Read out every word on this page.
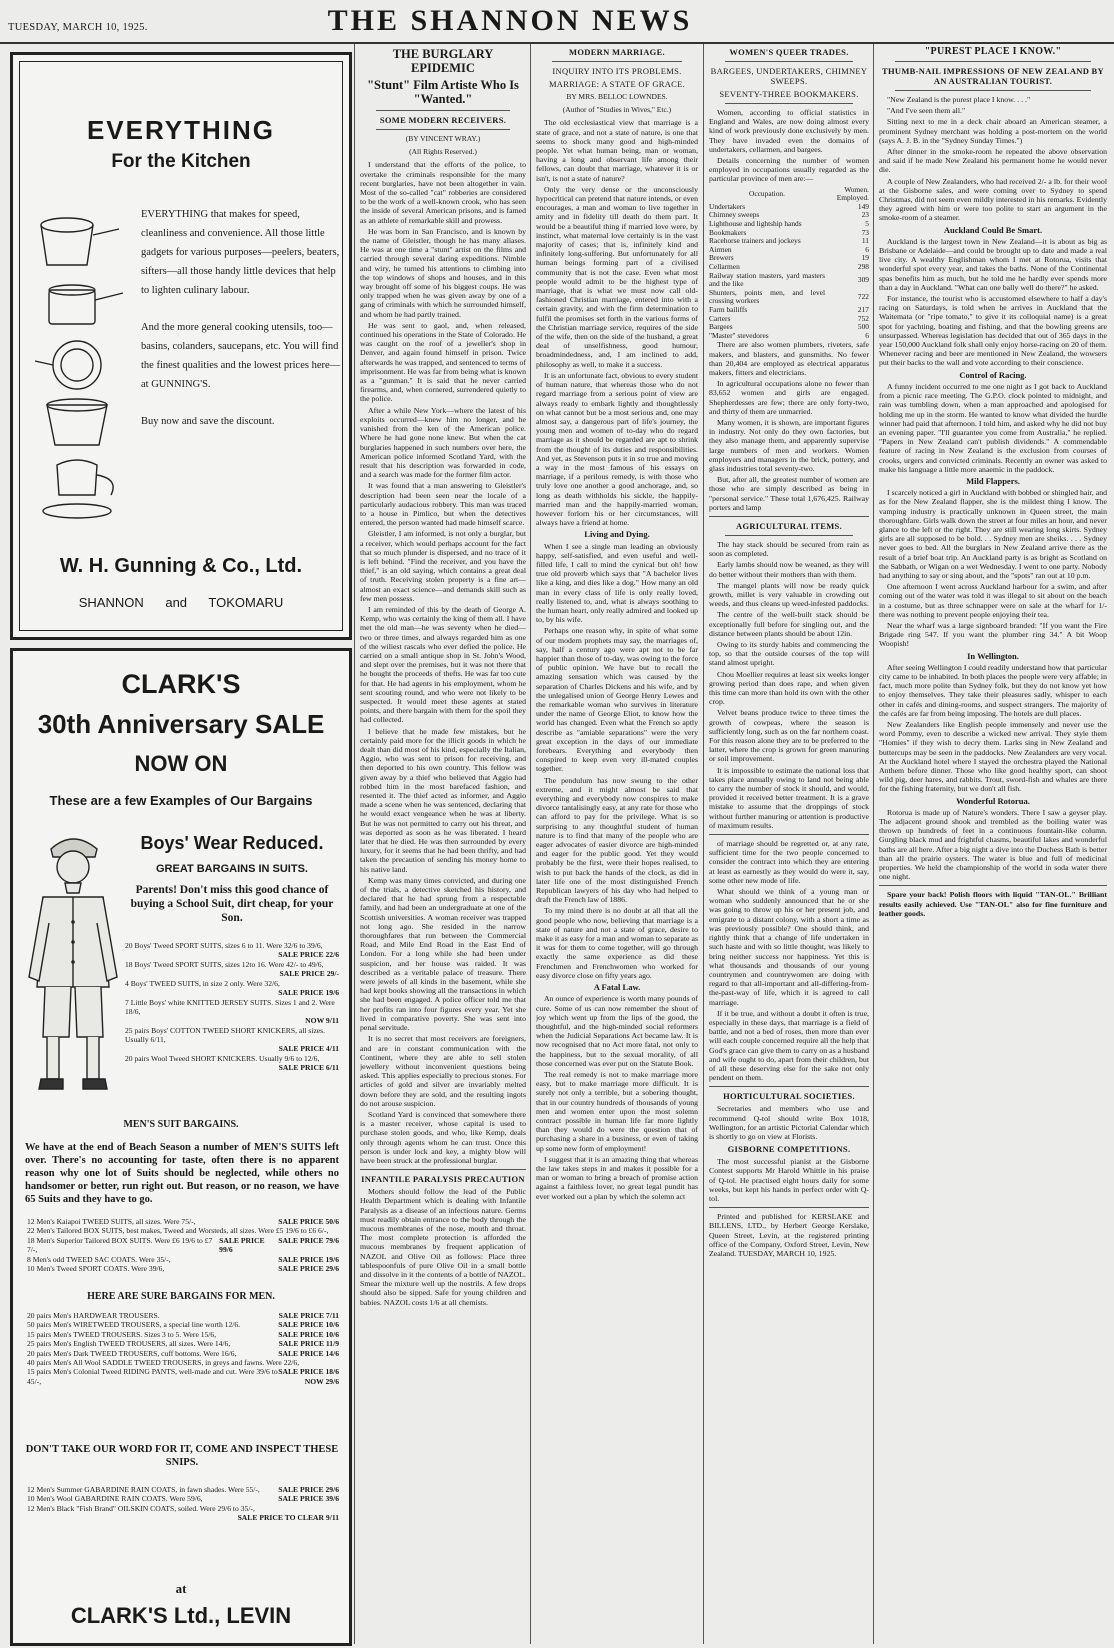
TUESDAY, MARCH 10, 1925.	THE SHANNON NEWS
EVERYTHING
For the Kitchen

EVERYTHING that makes for speed, cleanliness and convenience. All those little gadgets for various purposes—peelers, beaters, sifters—all those handy little devices that help to lighten culinary labour.

And the more general cooking utensils, too—basins, colanders, saucepans, etc. You will find the finest qualities and the lowest prices here—at GUNNING'S.

Buy now and save the discount.

W. H. Gunning & Co., Ltd.
SHANNON and TOKOMARU
CLARK'S
30th Anniversary SALE
NOW ON
These are a few Examples of Our Bargains
Boys' Wear Reduced.
GREAT BARGAINS IN SUITS.
Parents! Don't miss this good chance of buying a School Suit, dirt cheap, for your Son.
20 Boys' Tweed SPORT SUITS, sizes 6 to 11. Were 32/6 to 39/6,
SALE PRICE 22/6
18 Boys' Tweed SPORT SUITS, sizes 12to 16. Were 42/- to 49/6,
SALE PRICE 29/-
4 Boys' TWEED SUITS, in size 2 only. Were 32/6,
SALE PRICE 19/6
7 Little Boys' white KNITTED JERSEY SUITS. Sizes 1 and 2. Were 18/6,
NOW 9/11
25 pairs Boys' COTTON TWEED SHORT KNICKERS, all sizes. Usually 6/11,
SALE PRICE 4/11
20 pairs Wool Tweed SHORT KNICKERS. Usually 9/6 to 12/6,
SALE PRICE 6/11
MEN'S SUIT BARGAINS.
We have at the end of Beach Season a number of MEN'S SUITS left over. There's no accounting for taste, often there is no apparent reason why one lot of Suits should be neglected, while others no handsomer or better, run right out. But reason, or no reason, we have 65 Suits and they have to go.
12 Men's Kaiapoi TWEED SUITS, all sizes. Were 75/-,	SALE PRICE 50/6
22 Men's Tailored BOX SUITS, best makes, Tweed and Worsteds, all sizes. Were £5 19/6 to £6 6/-,
SALE PRICE 79/6
18 Men's Superior Tailored BOX SUITS. Were £6 19/6 to £7 7/-,
SALE PRICE 99/6
8 Men's odd TWEED SAC COATS. Were 35/-,	SALE PRICE 19/6
10 Men's Tweed SPORT COATS. Were 39/6,	SALE PRICE 29/6
HERE ARE SURE BARGAINS FOR MEN.
20 pairs Men's HARDWEAR TROUSERS.	SALE PRICE 7/11
50 pairs Men's WIRETWEED TROUSERS, a special line worth 12/6.	SALE PRICE 10/6
15 pairs Men's TWEED TROUSERS. Sizes 3 to 5. Were 15/6,	SALE PRICE 10/6
25 pairs Men's English TWEED TROUSERS, all sizes. Were 14/6,	SALE PRICE 11/9
20 pairs Men's Dark TWEED TROUSERS, cuff bottoms. Were 16/6,	SALE PRICE 14/6
40 pairs Men's All Wool SADDLE TWEED TROUSERS, in greys and fawns. Were 22/6,
SALE PRICE 18/6
15 pairs Men's Colonial Tweed RIDING PANTS, well-made and cut. Were 39/6 to 45/-,	NOW 29/6
DON'T TAKE OUR WORD FOR IT, COME AND INSPECT THESE SNIPS.
12 Men's Summer GABARDINE RAIN COATS, in fawn shades. Were 55/-, SALE PRICE 29/6
10 Men's Wool GABARDINE RAIN COATS. Were 59/6,	SALE PRICE 39/6
12 Men's Black "Fish Brand" OILSKIN COATS, soiled. Were 29/6 to 35/-,
SALE PRICE TO CLEAR 9/11
at
CLARK'S Ltd., LEVIN
THE BURGLARY EPIDEMIC
"Stunt" Film Artiste Who Is "Wanted."
SOME MODERN RECEIVERS.
(BY VINCENT WRAY.)
(All Rights Reserved.)

I understand that the efforts of the police, to overtake the criminals responsible for the many recent burglaries, have not been altogether in vain. Most of the so-called "cat" robberies are considered to be the work of a well-known crook, who has seen the inside of several American prisons, and is famed as an athlete of remarkable skill and prowess.

He was born in San Francisco, and is known by the name of Gleistler, though he has many aliases. He was at one time a "stunt" artist on the films and carried through several daring expeditions. Nimble and wiry, he turned his attentions to climbing into the top windows of shops and houses, and in this way brought off some of his biggest coups. He was only trapped when he was given away by one of a gang of criminals with which he surrounded himself, and whom he had partly trained.

He was sent to gaol, and, when released, continued his operations in the State of Colorado. He was caught on the roof of a jeweller's shop in Denver, and again found himself in prison. Twice afterwards he was trapped, and sentenced to terms of imprisonment. He was far from being what is known as a "gunman." It is said that he never carried firearms, and, when cornered, surrendered quietly to the police.

After a while New York—where the latest of his exploits occurred—knew him no longer, and he vanished from the ken of the American police. Where he had gone none knew. But when the cat burglaries happened in such numbers over here, the American police informed Scotland Yard, with the result that his description was forwarded in code, and a search was made for the former film actor.

It was found that a man answering to Gleistler's description had been seen near the locale of a particularly audacious robbery. This man was traced to a house in Pimlico, but when the detectives entered, the person wanted had made himself scarce.

Gleistler, I am informed, is not only a burglar, but a receiver, which would perhaps account for the fact that so much plunder is dispersed, and no trace of it is left behind. "Find the receiver, and you have the thief," is an old saying, which contains a great deal of truth. Receiving stolen property is a fine art—almost an exact science—and demands skill such as few men possess.

I am reminded of this by the death of George A. Kemp, who was certainly the king of them all. I have met the old man—he was seventy when he died—two or three times, and always regarded him as one of the wiliest rascals who ever defied the police. He carried on a small antique shop in St. John's Wood, and slept over the premises, but it was not there that he bought the proceeds of thefts. He was far too cute for that. He had agents in his employment, whom he sent scouting round, and who were not likely to be suspected. It would meet these agents at stated points, and there bargain with them for the spoil they had collected.

I believe that he made few mistakes, but he certainly paid more for the illicit goods in which he dealt than did most of his kind, especially the Italian, Aggio, who was sent to prison for receiving, and then deported to his own country. This fellow was given away by a thief who believed that Aggio had robbed him in the most barefaced fashion, and resented it. The thief acted as informer, and Aggio made a scene when he was sentenced, declaring that he would exact vengeance when he was at liberty. But he was not permitted to carry out his threat, and was deported as soon as he was liberated. I heard later that he died. He was then surrounded by every luxury, for it seems that he had been thrifty, and had taken the precaution of sending his money home to his native land.

Kemp was many times convicted, and during one of the trials, a detective sketched his history, and declared that he had sprung from a respectable family, and had been an undergraduate at one of the Scottish universities. A woman receiver was trapped not long ago. She resided in the narrow thoroughfares that run between the Commercial Road, and Mile End Road in the East End of London. For a long while she had been under suspicion, and her house was raided. It was described as a veritable palace of treasure. There were jewels of all kinds in the basement, while she had kept books showing all the transactions in which she had been engaged. A police officer told me that her profits ran into four figures every year. Yet she lived in comparative poverty. She was sent into penal servitude.

It is no secret that most receivers are foreigners, and are in constant communication with the Continent, where they are able to sell stolen jewellery without inconvenient questions being asked. This applies especially to precious stones. For articles of gold and silver are invariably melted down before they are sold, and the resulting ingots do not arouse suspicion.

Scotland Yard is convinced that somewhere there is a master receiver, whose capital is used to purchase stolen goods, and who, like Kemp, deals only through agents whom he can trust. Once this person is under lock and key, a mighty blow will have been struck at the professional burglar.

INFANTILE PARALYSIS PRECAUTION

Mothers should follow the lead of the Public Health Department which is dealing with Infantile Paralysis as a disease of an infectious nature. Germs must readily obtain entrance to the body through the mucous membranes of the nose, mouth and throat. The most complete protection is afforded the mucous membranes by frequent application of NAZOL and Olive Oil as follows: Place three tablespoonfuls of pure Olive Oil in a small bottle and dissolve in it the contents of a bottle of NAZOL. Smear the mixture well up the nostrils. A few drops should also be sipped. Safe for young children and babies. NAZOL costs 1/6 at all chemists.

MODERN MARRIAGE.
INQUIRY INTO ITS PROBLEMS.
MARRIAGE: A STATE OF GRACE.
BY MRS. BELLOC LOWNDES.
(Author of "Studies in Wives," Etc.)

The old ecclesiastical view that marriage is a state of grace, and not a state of nature, is one that seems to shock many good and high-minded people. Yet what human being, man or woman, having a long and observant life among their fellows, can doubt that marriage, whatever it is or isn't, is not a state of nature?

Only the very dense or the unconsciously hypocritical can pretend that nature intends, or even encourages, a man and woman to live together in amity and in fidelity till death do them part. It would be a beautiful thing if married love were, by instinct, what maternal love certainly is in the vast majority of cases; that is, infinitely kind and infinitely long-suffering. But unfortunately for all human beings forming part of a civilised community that is not the case. Even what most people would admit to be the highest type of marriage, that is what we must now call old-fashioned Christian marriage, entered into with a certain gravity, and with the firm determination to fulfil the promises set forth in the various forms of the Christian marriage service, requires of the side of the wife, then on the side of the husband, a great deal of unselfishness, good humour, broadmindedness, and, I am inclined to add, philosophy as well, to make it a success.

It is an unfortunate fact, obvious to every student of human nature, that whereas those who do not regard marriage from a serious point of view are always ready to embark lightly and thoughtlessly on what cannot but be a most serious and, one may almost say, a dangerous part of life's journey, the young men and women of to-day who do regard marriage as it should be regarded are apt to shrink from the thought of its duties and responsibilities. And yet, as Stevenson puts it in so true and moving a way in the most famous of his essays on marriage, if a perilous remedy, is with those who truly love one another a good anchorage, and, so long as death withholds his sickle, the happily-married man and the happily-married woman, however forlorn his or her circumstances, will always have a friend at home.

Living and Dying.

When I see a single man leading an obviously happy, self-satisfied, and even useful and well-filled life, I call to mind the cynical but oh! how true old proverb which says that "A bachelor lives like a king, and dies like a dog." How many an old man in every class of life is only really loved, really listened to, and, what is always soothing to the human heart, only really admired and looked up to, by his wife.

Perhaps one reason why, in spite of what some of our modern prophets may say, the marriages of, say, half a century ago were apt not to be far happier than those of to-day, was owing to the force of public opinion. We have but to recall the amazing sensation which was caused by the separation of Charles Dickens and his wife, and by the unlegalised union of George Henry Lewes and the remarkable woman who survives in literature under the name of George Eliot, to know how the world has changed. Even what the French so aptly describe as "amiable separations" were the very great exception in the days of our immediate forebears. Everything and everybody then conspired to keep even very ill-mated couples together.

The pendulum has now swung to the other extreme, and it might almost be said that everything and everybody now conspires to make divorce tantalisingly easy, at any rate for those who can afford to pay for the privilege. What is so surprising to any thoughtful student of human nature is to find that many of the people who are eager advocates of easier divorce are high-minded and eager for the public good. Yet they would probably be the first, were their hopes realised, to wish to put back the hands of the clock, as did in later life one of the most distinguished French Republican lawyers of his day who had helped to draft the French law of 1886.

To my mind there is no doubt at all that all the good people who now, believing that marriage is a state of nature and not a state of grace, desire to make it as easy for a man and woman to separate as it was for them to come together, will go through exactly the same experience as did these Frenchmen and Frenchwomen who worked for easy divorce close on fifty years ago.

A Fatal Law.

An ounce of experience is worth many pounds of cure. Some of us can now remember the shout of joy which went up from the lips of the good, the thoughtful, and the high-minded social reformers when the Judicial Separations Act became law. It is now recognised that no Act more fatal, not only to the happiness, but to the sexual morality, of all those concerned was ever put on the Statute Book.

The real remedy is not to make marriage more easy, but to make marriage more difficult. It is surely not only a terrible, but a sobering thought, that in our country hundreds of thousands of young men and women enter upon the most solemn contract possible in human life far more lightly than they would do were the question that of purchasing a share in a business, or even of taking up some new form of employment!

I suggest that it is an amazing thing that whereas the law takes steps in and makes it possible for a man or woman to bring a breach of promise action against a faithless lover, no great legal pundit has ever worked out a plan by which the solemn act

WOMEN'S QUEER TRADES.
BARGEES, UNDERTAKERS, CHIMNEY SWEEPS.
SEVENTY-THREE BOOKMAKERS.

Women, according to official statistics in England and Wales, are now doing almost every kind of work previously done exclusively by men. They have invaded even the domains of undertakers, cellarmen, and bargees.

Details concerning the number of women employed in occupations usually regarded as the particular province of men are:—

Occupation.	Women. Employed.
Undertakers	149
Chimney sweeps	23
Lighthouse and lightship hands	5
Bookmakers	73
Racehorse trainers and jockeys	11
Airmen	6
Brewers	19
Cellarmen	298
Railway station masters, yard masters and the like	309
Shunters, points men, and level crossing workers	722
Farm bailiffs	217
Carters	752
Bargees	500
"Master" stevedores	6

There are also women plumbers, riveters, safe makers, and blasters, and gunsmiths. No fewer than 20,404 are employed as electrical apparatus makers, fitters and electricians.

In agricultural occupations alone no fewer than 83,652 women and girls are engaged. Shepherdesses are few; there are only forty-two, and thirty of them are unmarried.

Many women, it is shown, are important figures in industry. Not only do they own factories, but they also manage them, and apparently supervise large numbers of men and workers. Women employers and managers in the brick, pottery, and glass industries total seventy-two.

But, after all, the greatest number of women are those who are simply described as being in "personal service." These total 1,676,425. Railway porters and lamp

AGRICULTURAL ITEMS.

The hay stack should be secured from rain as soon as completed.

Early lambs should now be weaned, as they will do better without their mothers than with them.

The mangel plants will now be ready quick growth, millet is very valuable in crowding out weeds, and thus cleans up weed-infested paddocks.

The centre of the well-built stack should be exceptionally full before for singling out, and the distance between plants should be about 12in.

Owing to its sturdy habits and commencing the top, so that the outside courses of the top will stand almost upright.

Chou Moellier requires at least six weeks longer growing period than does rape, and when given this time can more than hold its own with the other crop.

Velvet beans produce twice to three times the growth of cowpeas, where the season is sufficiently long, such as on the far northern coast. For this reason alone they are to be preferred to the latter, where the crop is grown for green manuring or soil improvement.

It is impossible to estimate the national loss that takes place annually owing to land not being able to carry the number of stock it should, and would, provided it received better treatment. It is a grave mistake to assume that the droppings of stock without further manuring or attention is productive of maximum results.

of marriage should be regretted or, at any rate, sufficient time for the two people concerned to consider the contract into which they are entering at least as earnestly as they would do were it, say, some other new mode of life.

What should we think of a young man or woman who suddenly announced that he or she was going to throw up his or her present job, and emigrate to a distant colony, with a short a time as was previously possible? One should think, and rightly think that a change of life undertaken in such haste and with so little thought, was likely to bring neither success nor happiness. Yet this is what thousands and thousands of our young countrymen and countrywomen are doing with regard to that all-important and all-differing-from-the-past-way of life, which it is agreed to call marriage.

If it be true, and without a doubt it often is true, especially in these days, that marriage is a field of battle, and not a bed of roses, then more than ever will each couple concerned require all the help that God's grace can give them to carry on as a husband and wife ought to do, apart from their children, but of all these deserving else for the sake not only pendent on them.

HORTICULTURAL SOCIETIES.

Secretaries and members who use and recommend Q-tol should write Box 1018, Wellington, for an artistic Pictorial Calendar which is shortly to go on view at Florists.

GISBORNE COMPETITIONS.

The most successful pianist at the Gisborne Contest supports Mr Harold Whittle in his praise of Q-tol. He practised eight hours daily for some weeks, but kept his hands in perfect order with Q-tol.

Printed and published for KERSLAKE and BILLENS, LTD., by Herbert George Kerslake, Queen Street, Levin, at the registered printing office of the Company, Oxford Street, Levin, New Zealand. TUESDAY, MARCH 10, 1925.

"PUREST PLACE I KNOW."
THUMB-NAIL IMPRESSIONS OF NEW ZEALAND BY AN AUSTRALIAN TOURIST.

"New Zealand is the purest place I know. . . ."

"And I've seen them all."

Sitting next to me in a deck chair aboard an American steamer, a prominent Sydney merchant was holding a post-mortem on the world (says A. J. B. in the "Sydney Sunday Times.")

After dinner in the smoke-room he repeated the above observation and said if he made New Zealand his permanent home he would never die.

A couple of New Zealanders, who had received 2/- a lb. for their wool at the Gisborne sales, and were coming over to Sydney to spend Christmas, did not seem even mildly interested in his remarks. Evidently they agreed with him or were too polite to start an argument in the smoke-room of a steamer.

Auckland Could Be Smart.

Auckland is the largest town in New Zealand—it is about as big as Brisbane or Adelaide—and could be brought up to date and made a real live city. A wealthy Englishman whom I met at Rotorua, visits that wonderful spot every year, and takes the baths. None of the Continental spas benefits him as much, but he told me he hardly ever spends more than a day in Auckland. "What can one bally well do there?" he asked.

For instance, the tourist who is accustomed elsewhere to half a day's racing on Saturdays, is told when he arrives in Auckland that the Waitemata (or "ripe tomato," to give it its colloquial name) is a great spot for yachting, boating and fishing, and that the bowling greens are unsurpassed. Whereas legislation has decided that out of 365 days in the year 150,000 Auckland folk shall only enjoy horse-racing on 20 of them. Whenever racing and beer are mentioned in New Zealand, the wowsers put their backs to the wall and vote according to their conscience.

Control of Racing.

A funny incident occurred to me one night as I got back to Auckland from a picnic race meeting. The G.P.O. clock pointed to midnight, and rain was tumbling down, when a man approached and apologised for holding me up in the storm. He wanted to know what divided the hurdle winner had paid that afternoon. I told him, and asked why he did not buy an evening paper. "I'll guarantee you come from Australia," he replied. "Papers in New Zealand can't publish dividends." A commendable feature of racing in New Zealand is the exclusion from courses of crooks, urgers and convicted criminals. Recently an owner was asked to make his language a little more anaemic in the paddock.

Mild Flappers.

I scarcely noticed a girl in Auckland with bobbed or shingled hair, and as for the New Zealand flapper, she is the mildest thing I know. The vamping industry is practically unknown in Queen street, the main thoroughfare. Girls walk down the street at four miles an hour, and never glance to the left or the right. They are still wearing long skirts. Sydney girls are all supposed to be bold. . . Sydney men are sheiks. . . . Sydney never goes to bed. All the burglars in New Zealand arrive there as the result of a brief boat trip. An Auckland party is as bright as Scotland on the Sabbath, or Wigan on a wet Wednesday. I went to one party. Nobody had anything to say or sing about, and the "spots" ran out at 10 p.m.

One afternoon I went across Auckland harbour for a swim, and after coming out of the water was told it was illegal to sit about on the beach in a costume, but as three schnapper were on sale at the wharf for 1/- there was nothing to prevent people enjoying their tea.

Near the wharf was a large signboard branded: "If you want the Fire Brigade ring 547. If you want the plumber ring 34." A bit Woop Woopish!

In Wellington.

After seeing Wellington I could readily understand how that particular city came to be inhabited. In both places the people were very affable; in fact, much more polite than Sydney folk, but they do not know yet how to enjoy themselves. They take their pleasures sadly, whisper to each other in cafés and dining-rooms, and suspect strangers. The majority of the cafés are far from being imposing. The hotels are dull places.

New Zealanders like English people immensely and never use the word Pommy, even to describe a wicked new arrival. They style them "Homies" if they wish to decry them. Larks sing in New Zealand and buttercups may be seen in the paddocks. New Zealanders are very vocal. At the Auckland hotel where I stayed the orchestra played the National Anthem before dinner. Those who like good healthy sport, can shoot wild pig, deer hares, and rabbits. Trout, sword-fish and whales are there for the fishing fraternity, but we don't all fish.

Wonderful Rotorua.

Rotorua is made up of Nature's wonders. There I saw a geyser play. The adjacent ground shook and trembled as the boiling water was thrown up hundreds of feet in a continuous fountain-like column. Gurgling black mud and frightful chasms, beautiful lakes and wonderful baths are all here. After a big night a dive into the Duchess Bath is better than all the prairie oysters. The water is blue and full of medicinal properties. We held the championship of the world in soda water there one night.

Spare your back! Polish floors with liquid "TAN-OL." Brilliant results easily achieved. Use "TAN-OL" also for fine furniture and leather goods.
